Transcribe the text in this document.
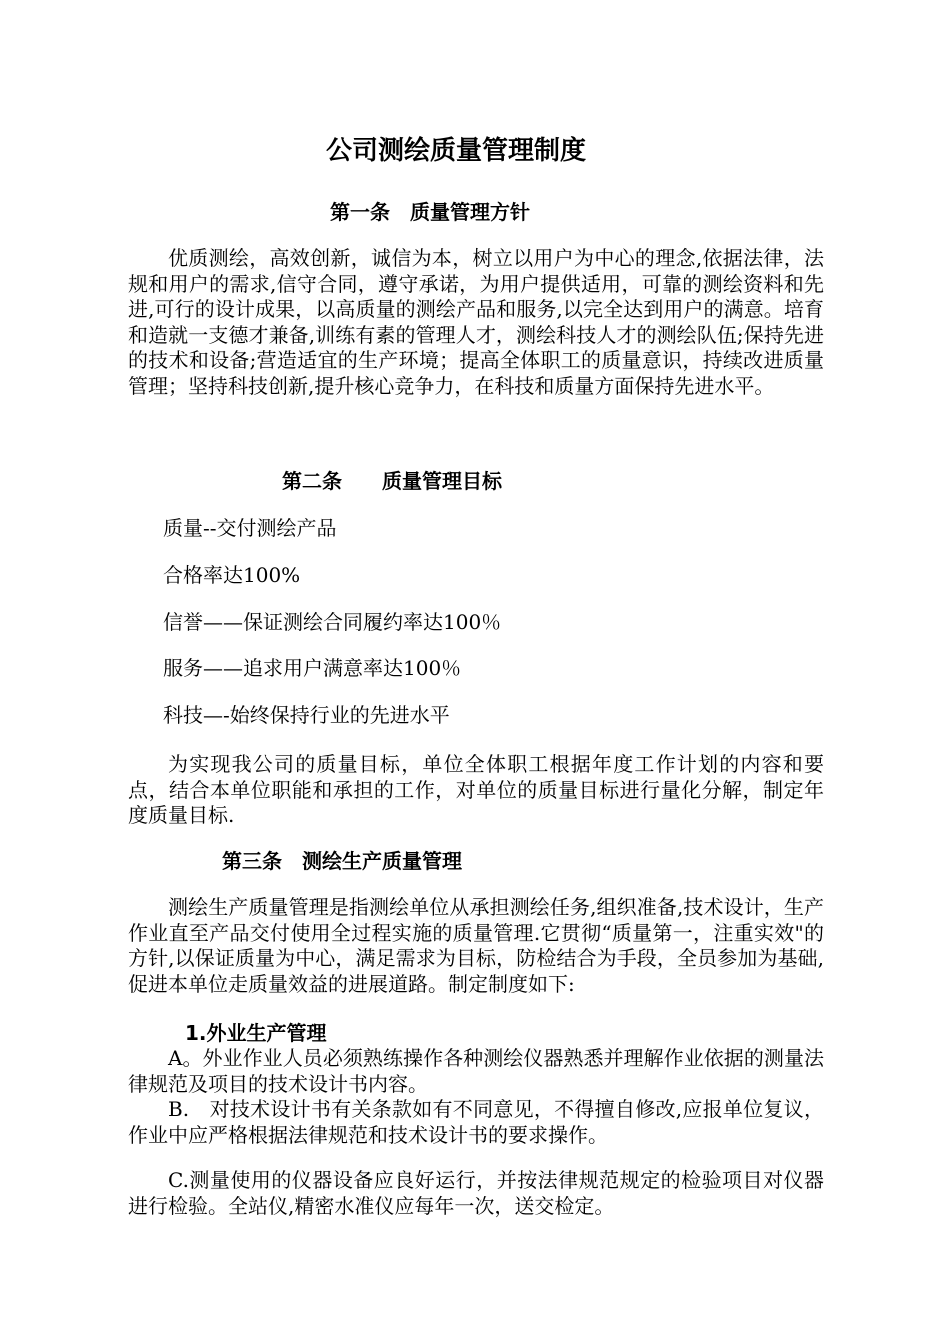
公司测绘质量管理制度
第一条　质量管理方针

优质测绘，高效创新，诚信为本，树立以用户为中心的理念,依据法律，法规和用户的需求,信守合同，遵守承诺，为用户提供适用，可靠的测绘资料和先进,可行的设计成果，以高质量的测绘产品和服务,以完全达到用户的满意。培育和造就一支德才兼备,训练有素的管理人才，测绘科技人才的测绘队伍;保持先进的技术和设备;营造适宜的生产环境；提高全体职工的质量意识，持续改进质量管理；坚持科技创新,提升核心竞争力，在科技和质量方面保持先进水平。

第二条　　质量管理目标
质量--交付测绘产品
合格率达100%
信誉——保证测绘合同履约率达100％
服务——追求用户满意率达100％
科技—-始终保持行业的先进水平

为实现我公司的质量目标，单位全体职工根据年度工作计划的内容和要点，结合本单位职能和承担的工作，对单位的质量目标进行量化分解，制定年度质量目标.

第三条　测绘生产质量管理

测绘生产质量管理是指测绘单位从承担测绘任务,组织准备,技术设计，生产作业直至产品交付使用全过程实施的质量管理.它贯彻“质量第一，注重实效"的方针,以保证质量为中心，满足需求为目标，防检结合为手段，全员参加为基础,促进本单位走质量效益的进展道路。制定制度如下:

1.外业生产管理

A。外业作业人员必须熟练操作各种测绘仪器熟悉并理解作业依据的测量法律规范及项目的技术设计书内容。

B.　对技术设计书有关条款如有不同意见，不得擅自修改,应报单位复议，作业中应严格根据法律规范和技术设计书的要求操作。

C.测量使用的仪器设备应良好运行，并按法律规范规定的检验项目对仪器进行检验。全站仪,精密水准仪应每年一次，送交检定。
